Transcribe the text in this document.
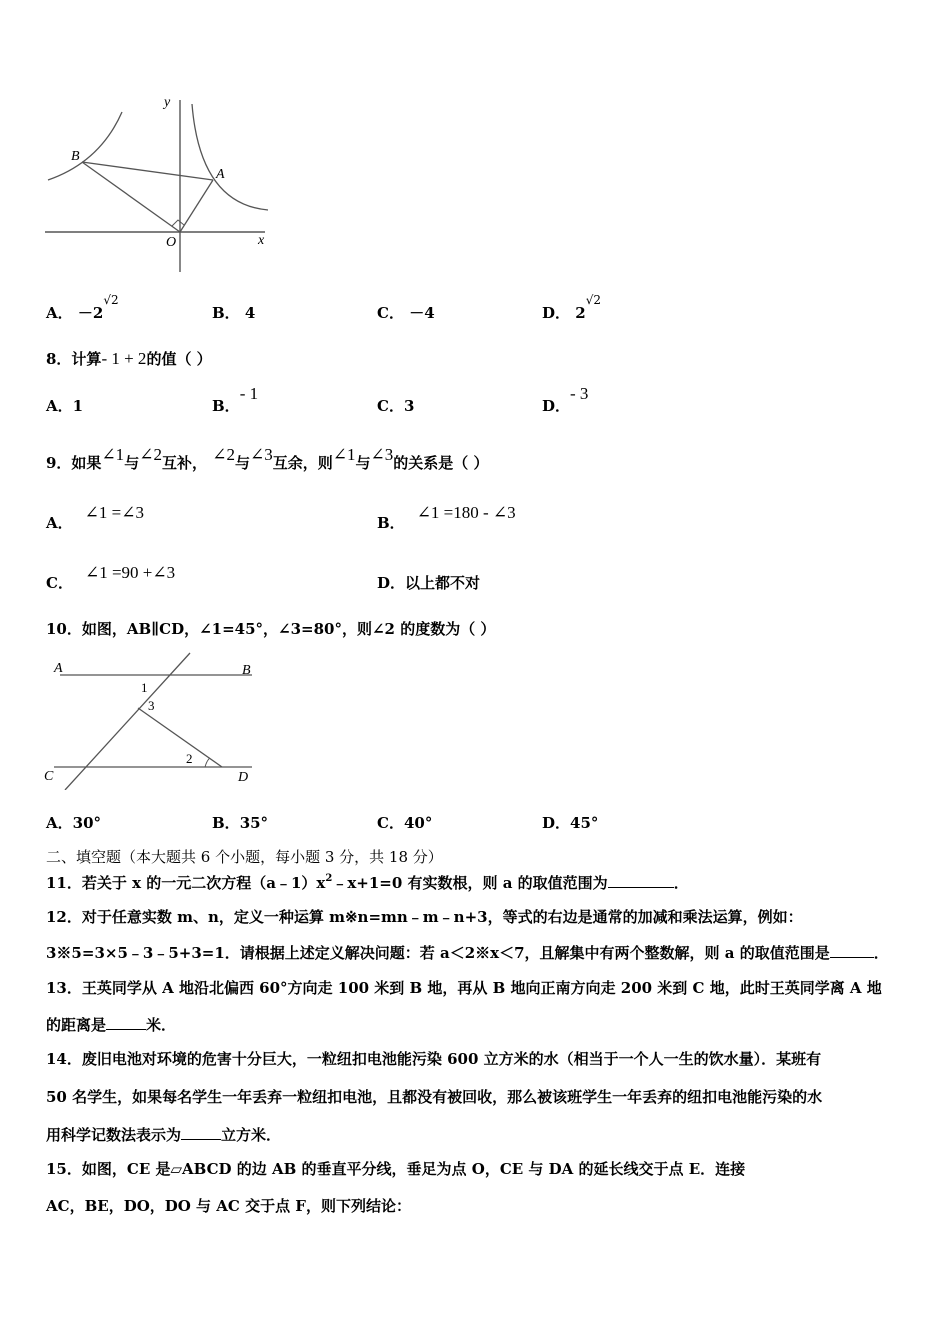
y
x
O
B
A
A． $-2^{√2}$
B． 4	C． －4	D． $2^{√2}$
8．计算- 1 + 2的值（ ）
A．1	B．- 1
C．3	D．- 3
9．如果∠1与∠2互补， ∠2与∠3互余，则∠1与∠3的关系是（ ）
A．∠1 =∠3
B．∠1 =180 - ∠3
C．∠1 =90 +∠3
D．以上都不对
10．如图，AB∥CD，∠1=45°，∠3=80°，则∠2 的度数为（ ）
A	B
C	D
1
3
2
A．30°	B．35°	C．40°	D．45°
二、填空题（本大题共 6 个小题，每小题 3 分，共 18 分）
11．若关于 x 的一元二次方程$(a﹣1)x^2﹣x+1=0$ 有实数根，则 a 的取值范围为	．
12．对于任意实数 m、n，定义一种运算 m※n=mn﹣m﹣n+3，等式的右边是通常的加减和乘法运算，例如：
3※5=3×5﹣3﹣5+3=1．请根据上述定义解决问题：若 a＜2※x＜7，且解集中有两个整数解，则 a 的取值范围是	．
13．王英同学从 A 地沿北偏西 60°方向走 100 米到 B 地，再从 B 地向正南方向走 200 米到 C 地，此时王英同学离 A 地
的距离是	米．
14．废旧电池对环境的危害十分巨大，一粒纽扣电池能污染 600 立方米的水（相当于一个人一生的饮水量）．某班有
50 名学生，如果每名学生一年丢弃一粒纽扣电池，且都没有被回收，那么被该班学生一年丢弃的纽扣电池能污染的水
用科学记数法表示为	立方米．
15．如图，CE 是▱ABCD 的边 AB 的垂直平分线，垂足为点 O，CE 与 DA 的延长线交于点 E．连接
AC，BE，DO，DO 与 AC 交于点 F，则下列结论：
